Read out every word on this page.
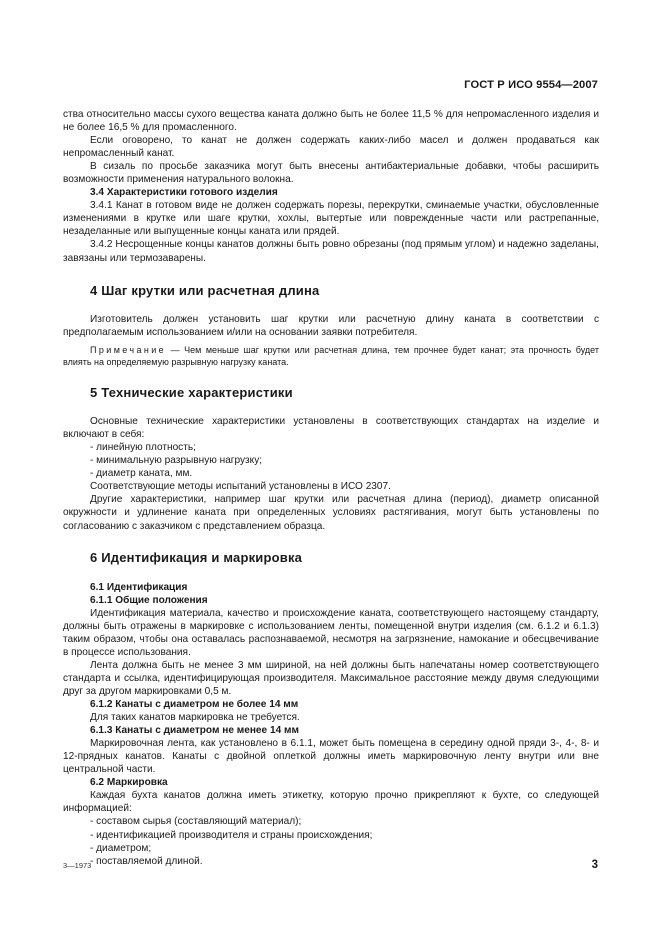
ГОСТ Р ИСО 9554—2007

ства относительно массы сухого вещества каната должно быть не более 11,5 % для непромасленного изделия и не более 16,5 % для промасленного.

Если оговорено, то канат не должен содержать каких-либо масел и должен продаваться как непромасленный канат.

В сизаль по просьбе заказчика могут быть внесены антибактериальные добавки, чтобы расширить возможности применения натурального волокна.

3.4 Характеристики готового изделия

3.4.1 Канат в готовом виде не должен содержать порезы, перекрутки, сминаемые участки, обусловленные изменениями в крутке или шаге крутки, хохлы, вытертые или поврежденные части или растрепанные, незаделанные или выпущенные концы каната или прядей.

3.4.2 Несрощенные концы канатов должны быть ровно обрезаны (под прямым углом) и надежно заделаны, завязаны или термозаварены.

4 Шаг крутки или расчетная длина

Изготовитель должен установить шаг крутки или расчетную длину каната в соответствии с предполагаемым использованием и/или на основании заявки потребителя.

Примечание — Чем меньше шаг крутки или расчетная длина, тем прочнее будет канат; эта прочность будет влиять на определяемую разрывную нагрузку каната.

5 Технические характеристики

Основные технические характеристики установлены в соответствующих стандартах на изделие и включают в себя:

- линейную плотность;

- минимальную разрывную нагрузку;

- диаметр каната, мм.

Соответствующие методы испытаний установлены в ИСО 2307.

Другие характеристики, например шаг крутки или расчетная длина (период), диаметр описанной окружности и удлинение каната при определенных условиях растягивания, могут быть установлены по согласованию с заказчиком с представлением образца.

6 Идентификация и маркировка

6.1 Идентификация

6.1.1 Общие положения

Идентификация материала, качество и происхождение каната, соответствующего настоящему стандарту, должны быть отражены в маркировке с использованием ленты, помещенной внутри изделия (см. 6.1.2 и 6.1.3) таким образом, чтобы она оставалась распознаваемой, несмотря на загрязнение, намокание и обесцвечивание в процессе использования.

Лента должна быть не менее 3 мм шириной, на ней должны быть напечатаны номер соответствующего стандарта и ссылка, идентифицирующая производителя. Максимальное расстояние между двумя следующими друг за другом маркировками 0,5 м.

6.1.2 Канаты с диаметром не более 14 мм

Для таких канатов маркировка не требуется.

6.1.3 Канаты с диаметром не менее 14 мм

Маркировочная лента, как установлено в 6.1.1, может быть помещена в середину одной пряди 3-, 4-, 8- и 12-прядных канатов. Канаты с двойной оплеткой должны иметь маркировочную ленту внутри или вне центральной части.

6.2 Маркировка

Каждая бухта канатов должна иметь этикетку, которую прочно прикрепляют к бухте, со следующей информацией:

- составом сырья (составляющий материал);

- идентификацией производителя и страны происхождения;

- диаметром;

- поставляемой длиной.

3—1973	3
